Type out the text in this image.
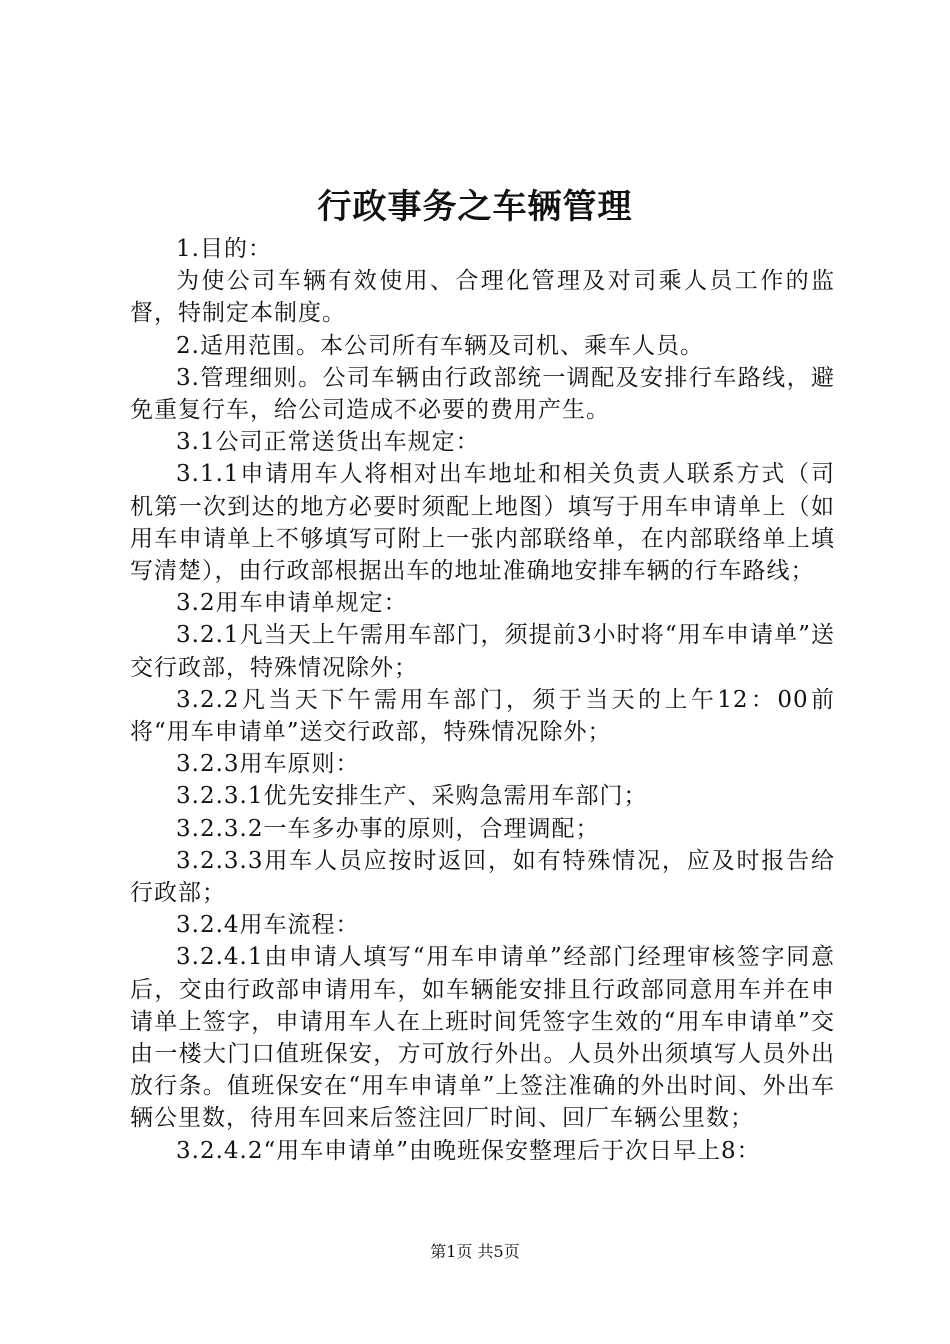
行政事务之车辆管理

1.目的：

为使公司车辆有效使用、合理化管理及对司乘人员工作的监督，特制定本制度。

2.适用范围。本公司所有车辆及司机、乘车人员。

3.管理细则。公司车辆由行政部统一调配及安排行车路线，避免重复行车，给公司造成不必要的费用产生。

3.1公司正常送货出车规定：

3.1.1申请用车人将相对出车地址和相关负责人联系方式（司机第一次到达的地方必要时须配上地图）填写于用车申请单上（如用车申请单上不够填写可附上一张内部联络单，在内部联络单上填写清楚），由行政部根据出车的地址准确地安排车辆的行车路线；

3.2用车申请单规定：

3.2.1凡当天上午需用车部门，须提前3小时将“用车申请单”送交行政部，特殊情况除外；

3.2.2凡当天下午需用车部门，须于当天的上午12：00前将“用车申请单”送交行政部，特殊情况除外；

3.2.3用车原则：

3.2.3.1优先安排生产、采购急需用车部门；

3.2.3.2一车多办事的原则，合理调配；

3.2.3.3用车人员应按时返回，如有特殊情况，应及时报告给行政部；

3.2.4用车流程：

3.2.4.1由申请人填写“用车申请单”经部门经理审核签字同意后，交由行政部申请用车，如车辆能安排且行政部同意用车并在申请单上签字，申请用车人在上班时间凭签字生效的“用车申请单”交由一楼大门口值班保安，方可放行外出。人员外出须填写人员外出放行条。值班保安在“用车申请单”上签注准确的外出时间、外出车辆公里数，待用车回来后签注回厂时间、回厂车辆公里数；

3.2.4.2“用车申请单”由晚班保安整理后于次日早上8：

第1页 共5页
